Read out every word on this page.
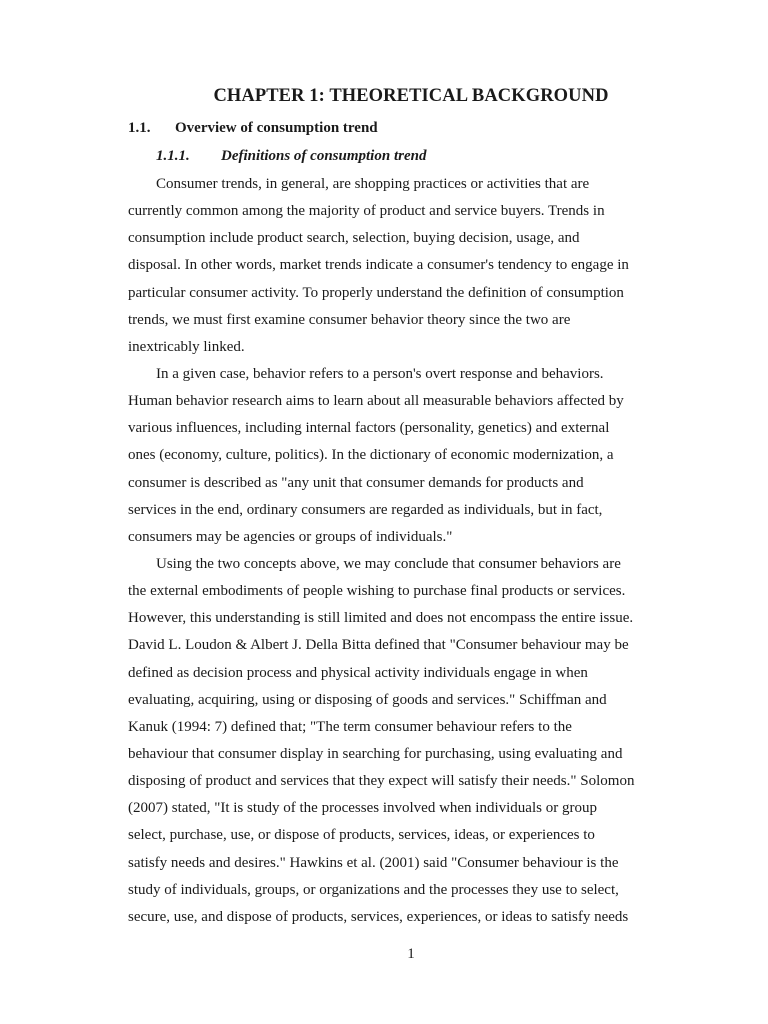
CHAPTER 1: THEORETICAL BACKGROUND
1.1. Overview of consumption trend
1.1.1. Definitions of consumption trend
Consumer trends, in general, are shopping practices or activities that are
currently common among the majority of product and service buyers. Trends in
consumption include product search, selection, buying decision, usage, and
disposal. In other words, market trends indicate a consumer's tendency to engage in
particular consumer activity. To properly understand the definition of consumption
trends, we must first examine consumer behavior theory since the two are
inextricably linked.
In a given case, behavior refers to a person's overt response and behaviors.
Human behavior research aims to learn about all measurable behaviors affected by
various influences, including internal factors (personality, genetics) and external
ones (economy, culture, politics). In the dictionary of economic modernization, a
consumer is described as "any unit that consumer demands for products and
services in the end, ordinary consumers are regarded as individuals, but in fact,
consumers may be agencies or groups of individuals."
Using the two concepts above, we may conclude that consumer behaviors are
the external embodiments of people wishing to purchase final products or services.
However, this understanding is still limited and does not encompass the entire issue.
David L. Loudon & Albert J. Della Bitta defined that "Consumer behaviour may be
defined as decision process and physical activity individuals engage in when
evaluating, acquiring, using or disposing of goods and services." Schiffman and
Kanuk (1994: 7) defined that; "The term consumer behaviour refers to the
behaviour that consumer display in searching for purchasing, using evaluating and
disposing of product and services that they expect will satisfy their needs." Solomon
(2007) stated, "It is study of the processes involved when individuals or group
select, purchase, use, or dispose of products, services, ideas, or experiences to
satisfy needs and desires." Hawkins et al. (2001) said "Consumer behaviour is the
study of individuals, groups, or organizations and the processes they use to select,
secure, use, and dispose of products, services, experiences, or ideas to satisfy needs
1
